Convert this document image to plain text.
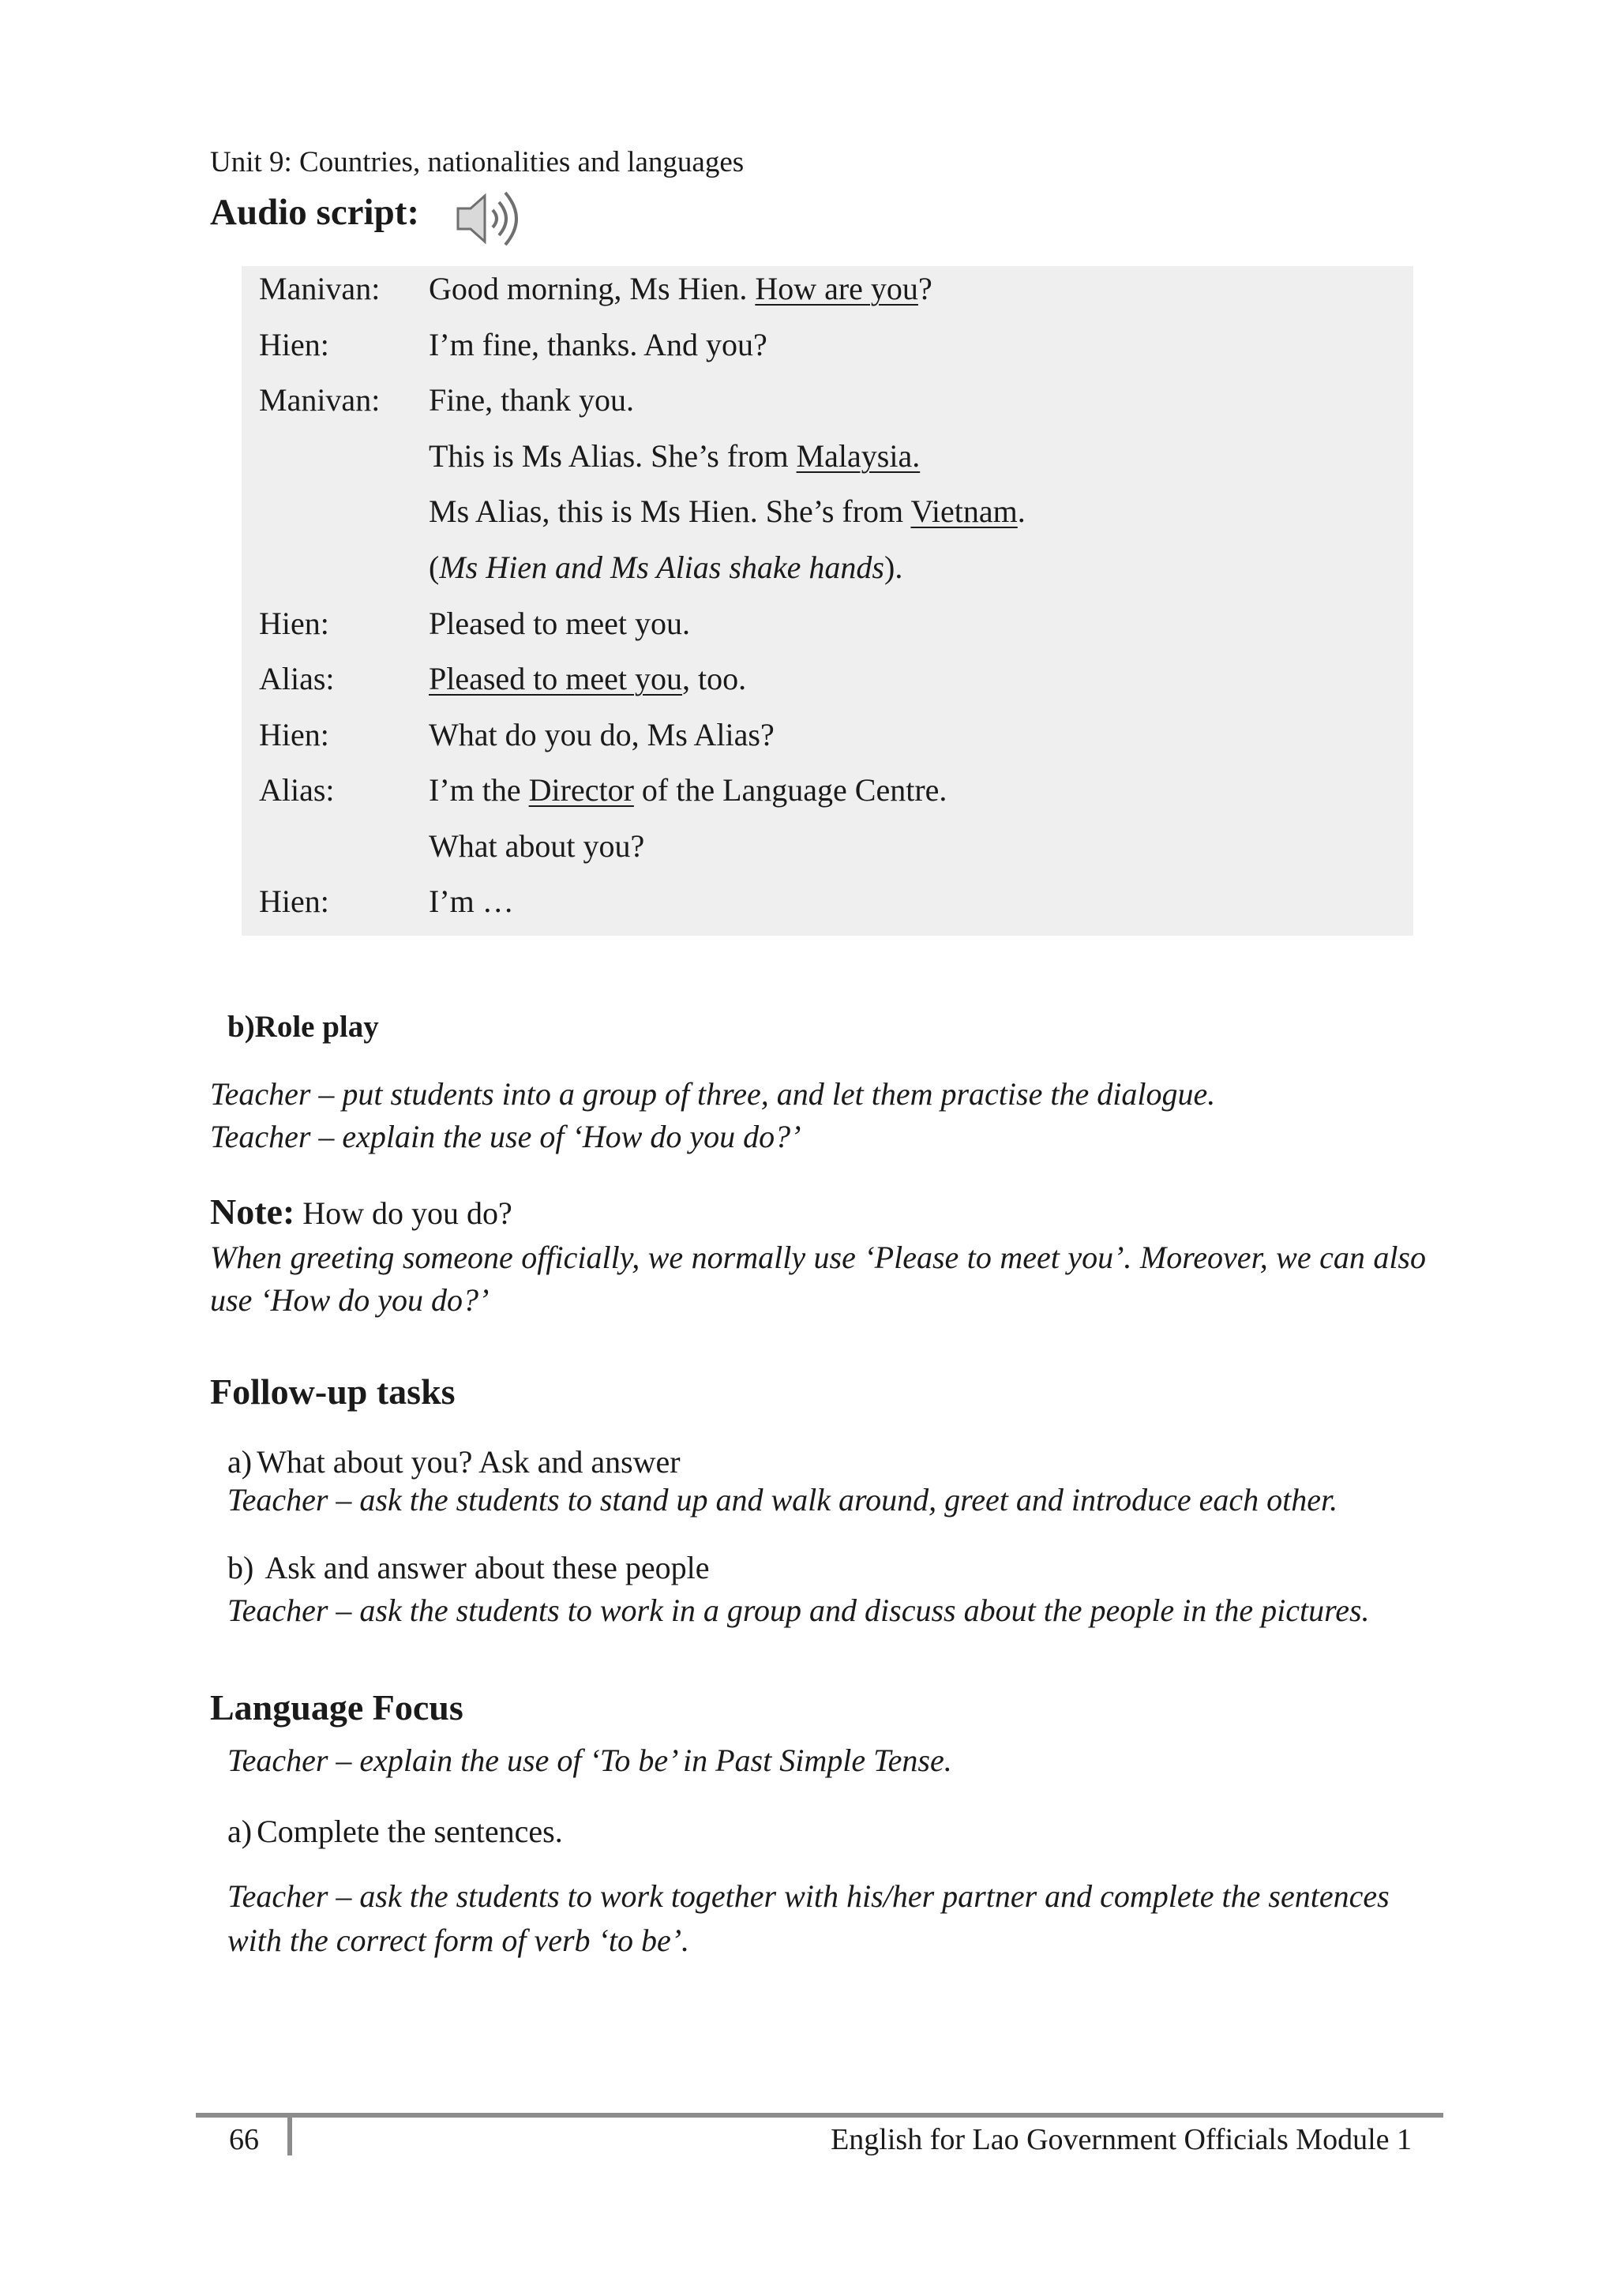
Unit 9: Countries, nationalities and languages
Audio script:
Manivan: Good morning, Ms Hien. How are you?
Hien:	I’m fine, thanks. And you?
Manivan: Fine, thank you.
This is Ms Alias. She’s from Malaysia.
Ms Alias, this is Ms Hien. She’s from Vietnam.
(Ms Hien and Ms Alias shake hands).
Hien:	Pleased to meet you.
Alias:	Pleased to meet you, too.
Hien:	What do you do, Ms Alias?
Alias:	I’m the Director of the Language Centre.
What about you?
Hien:	I’m …
b)Role play
Teacher – put students into a group of three, and let them practise the dialogue.
Teacher – explain the use of ‘How do you do?’
Note: How do you do?
When greeting someone officially, we normally use ‘Please to meet you’. Moreover, we can also use ‘How do you do?’
Follow-up tasks
a) What about you? Ask and answer
Teacher – ask the students to stand up and walk around, greet and introduce each other.
b) Ask and answer about these people
Teacher – ask the students to work in a group and discuss about the people in the pictures.
Language Focus
Teacher – explain the use of ‘To be’ in Past Simple Tense.
a) Complete the sentences.
Teacher – ask the students to work together with his/her partner and complete the sentences with the correct form of verb ‘to be’.
66	English for Lao Government Officials Module 1
